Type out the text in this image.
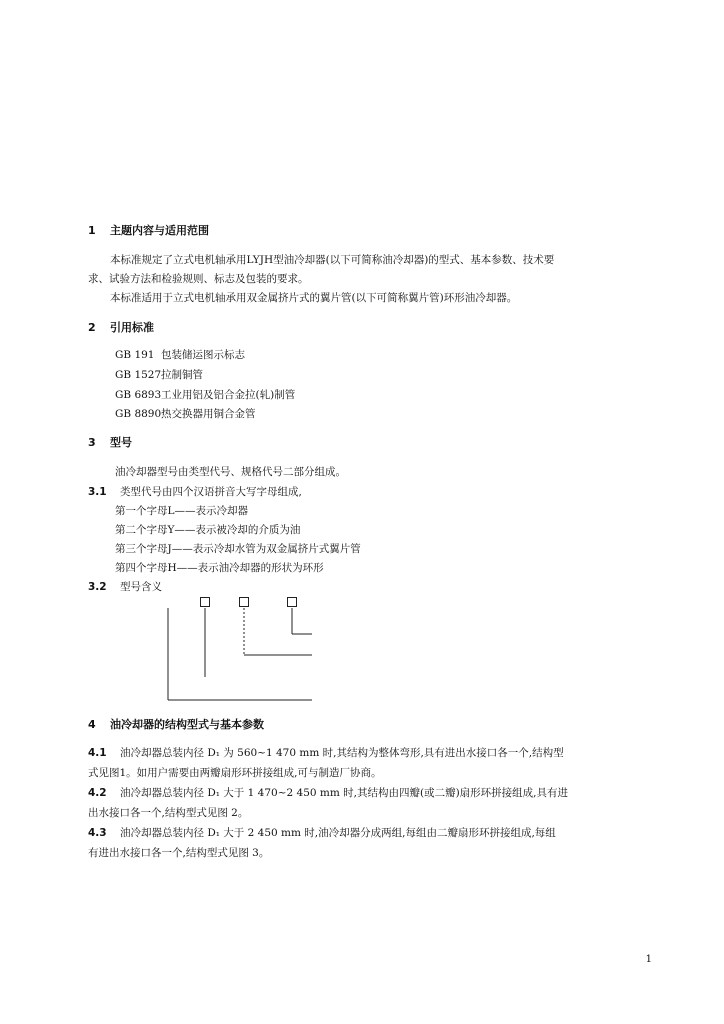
1 主题内容与适用范围
本标准规定了立式电机轴承用LYJH型油冷却器(以下可简称油冷却器)的型式、基本参数、技术要
求、试验方法和检验规则、标志及包装的要求。
本标准适用于立式电机轴承用双金属挤片式的翼片管(以下可简称翼片管)环形油冷却器。
2 引用标准
GB 191 包装储运图示标志
GB 1527拉制铜管
GB 6893工业用铝及铝合金拉(轧)制管
GB 8890热交换器用铜合金管
3 型号
油冷却器型号由类型代号、规格代号二部分组成。
3.1 类型代号由四个汉语拼音大写字母组成,
第一个字母L——表示冷却器
第二个字母Y——表示被冷却的介质为油
第三个字母J——表示冷却水管为双金属挤片式翼片管
第四个字母H——表示油冷却器的形状为环形
3.2 型号含义
4 油冷却器的结构型式与基本参数
4.1 油冷却器总装内径 D₁ 为 560~1 470 mm 时,其结构为整体弯形,具有进出水接口各一个,结构型
式见图1。如用户需要由两瓣扇形环拼接组成,可与制造厂协商。
4.2 油冷却器总装内径 D₁ 大于 1 470~2 450 mm 时,其结构由四瓣(或二瓣)扇形环拼接组成,具有进
出水接口各一个,结构型式见图 2。
4.3 油冷却器总装内径 D₁ 大于 2 450 mm 时,油冷却器分成两组,每组由二瓣扇形环拼接组成,每组
有进出水接口各一个,结构型式见图 3。
1
